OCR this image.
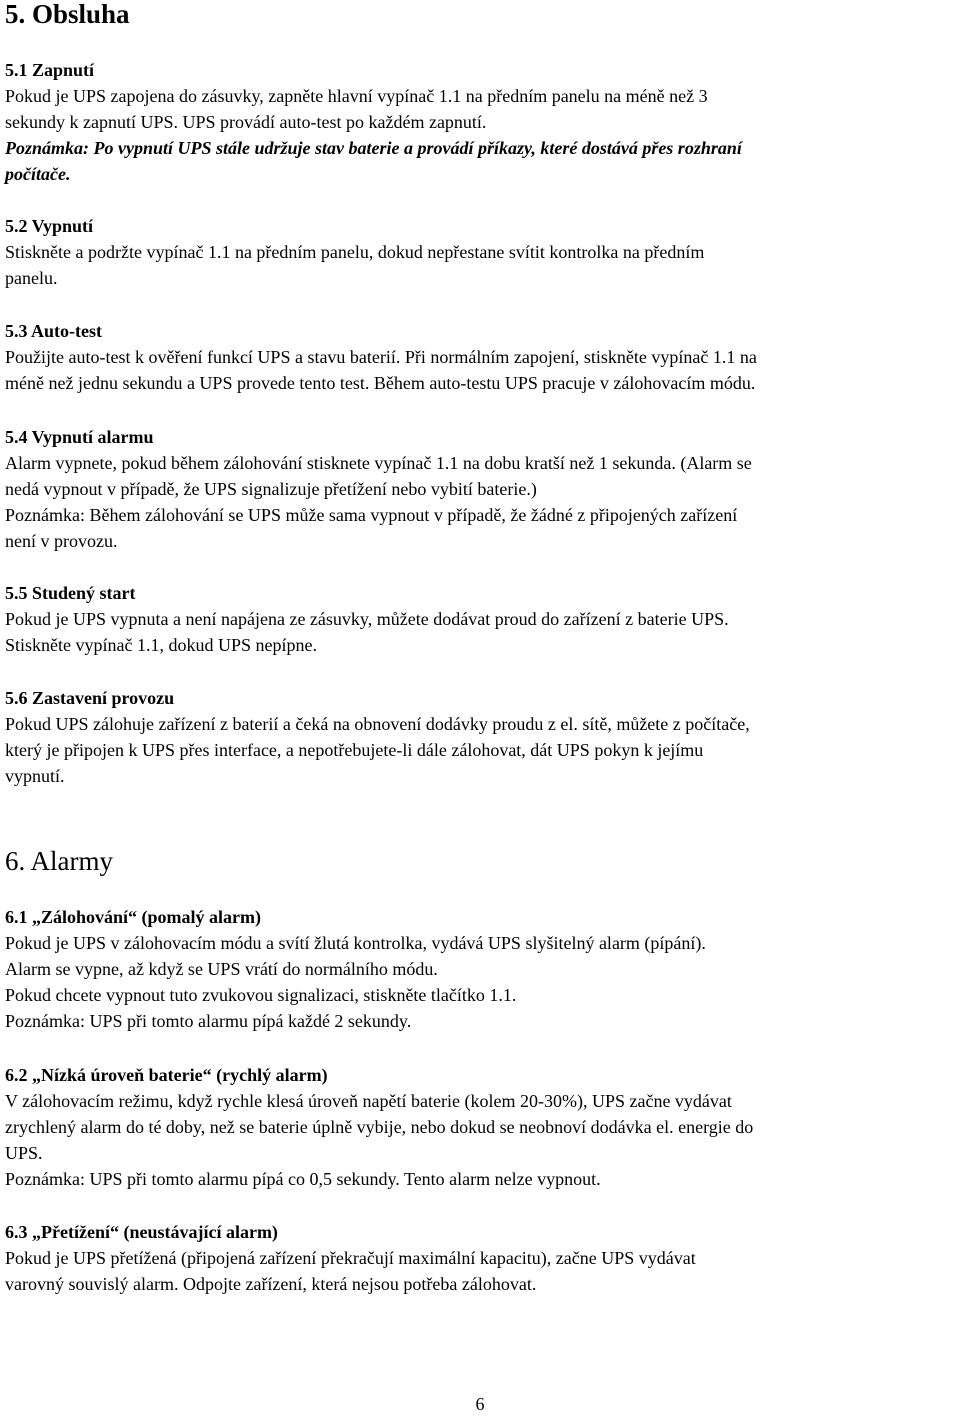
5. Obsluha
5.1 Zapnutí
Pokud je UPS zapojena do zásuvky, zapněte hlavní vypínač 1.1 na předním panelu na méně než 3
sekundy k zapnutí UPS. UPS provádí auto-test po každém zapnutí.
Poznámka: Po vypnutí UPS stále udržuje stav baterie a provádí příkazy, které dostává přes rozhraní
počítače.
5.2 Vypnutí
Stiskněte a podržte vypínač 1.1 na předním panelu, dokud nepřestane svítit kontrolka na předním
panelu.
5.3 Auto-test
Použijte auto-test k ověření funkcí UPS a stavu baterií. Při normálním zapojení, stiskněte vypínač 1.1 na
méně než jednu sekundu a UPS provede tento test. Během auto-testu UPS pracuje v zálohovacím módu.
5.4 Vypnutí alarmu
Alarm vypnete, pokud během zálohování stisknete vypínač 1.1 na dobu kratší než 1 sekunda. (Alarm se
nedá vypnout v případě, že UPS signalizuje přetížení nebo vybití baterie.)
Poznámka: Během zálohování se UPS může sama vypnout v případě, že žádné z připojených zařízení
není v provozu.
5.5 Studený start
Pokud je UPS vypnuta a není napájena ze zásuvky, můžete dodávat proud do zařízení z baterie UPS.
Stiskněte vypínač 1.1, dokud UPS nepípne.
5.6 Zastavení provozu
Pokud UPS zálohuje zařízení z baterií a čeká na obnovení dodávky proudu z el. sítě, můžete z počítače,
který je připojen k UPS přes interface, a nepotřebujete-li dále zálohovat, dát UPS pokyn k jejímu
vypnutí.
6. Alarmy
6.1 „Zálohování“ (pomalý alarm)
Pokud je UPS v zálohovacím módu a svítí žlutá kontrolka, vydává UPS slyšitelný alarm (pípání).
Alarm se vypne, až když se UPS vrátí do normálního módu.
Pokud chcete vypnout tuto zvukovou signalizaci, stiskněte tlačítko 1.1.
Poznámka: UPS při tomto alarmu pípá každé 2 sekundy.
6.2 „Nízká úroveň baterie“ (rychlý alarm)
V zálohovacím režimu, když rychle klesá úroveň napětí baterie (kolem 20-30%), UPS začne vydávat
zrychlený alarm do té doby, než se baterie úplně vybije, nebo dokud se neobnoví dodávka el. energie do
UPS.
Poznámka: UPS při tomto alarmu pípá co 0,5 sekundy. Tento alarm nelze vypnout.
6.3 „Přetížení“ (neustávající alarm)
Pokud je UPS přetížená (připojená zařízení překračují maximální kapacitu), začne UPS vydávat
varovný souvislý alarm. Odpojte zařízení, která nejsou potřeba zálohovat.
6
